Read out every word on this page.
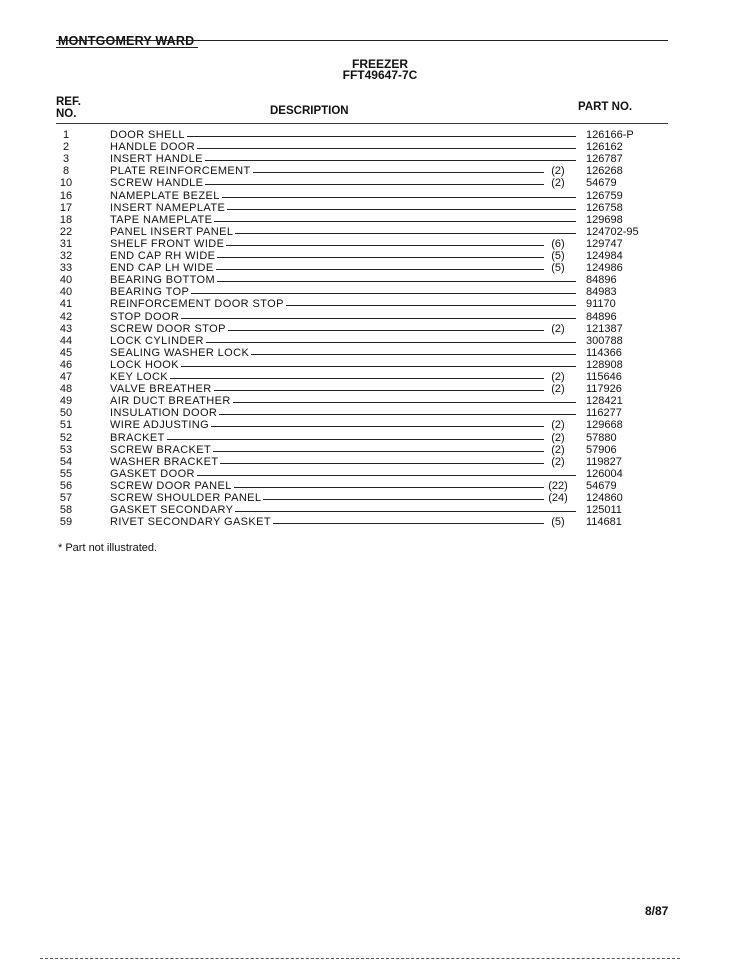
MONTGOMERY WARD
FREEZER
FFT49647-7C
REF.
NO.	DESCRIPTION	PART NO.
1	DOOR SHELL	126166-P
2	HANDLE DOOR	126162
3	INSERT HANDLE	126787
8	PLATE REINFORCEMENT	(2)	126268
10	SCREW HANDLE	(2)	54679
16	NAMEPLATE BEZEL	126759
17	INSERT NAMEPLATE	126758
18	TAPE NAMEPLATE	129698
22	PANEL INSERT PANEL	124702-95
31	SHELF FRONT WIDE	(6)	129747
32	END CAP RH WIDE	(5)	124984
33	END CAP LH WIDE	(5)	124986
40	BEARING BOTTOM	84896
40	BEARING TOP	84983
41	REINFORCEMENT DOOR STOP	91170
42	STOP DOOR	84896
43	SCREW DOOR STOP	(2)	121387
44	LOCK CYLINDER	300788
45	SEALING WASHER LOCK	114366
46	LOCK HOOK	128908
47	KEY LOCK	(2)	115646
48	VALVE BREATHER	(2)	117926
49	AIR DUCT BREATHER	128421
50	INSULATION DOOR	116277
51	WIRE ADJUSTING	(2)	129668
52	BRACKET	(2)	57880
53	SCREW BRACKET	(2)	57906
54	WASHER BRACKET	(2)	119827
55	GASKET DOOR	126004
56	SCREW DOOR PANEL	(22)	54679
57	SCREW SHOULDER PANEL	(24)	124860
58	GASKET SECONDARY	125011
59	RIVET SECONDARY GASKET	(5)	114681
* Part not illustrated.
8/87
